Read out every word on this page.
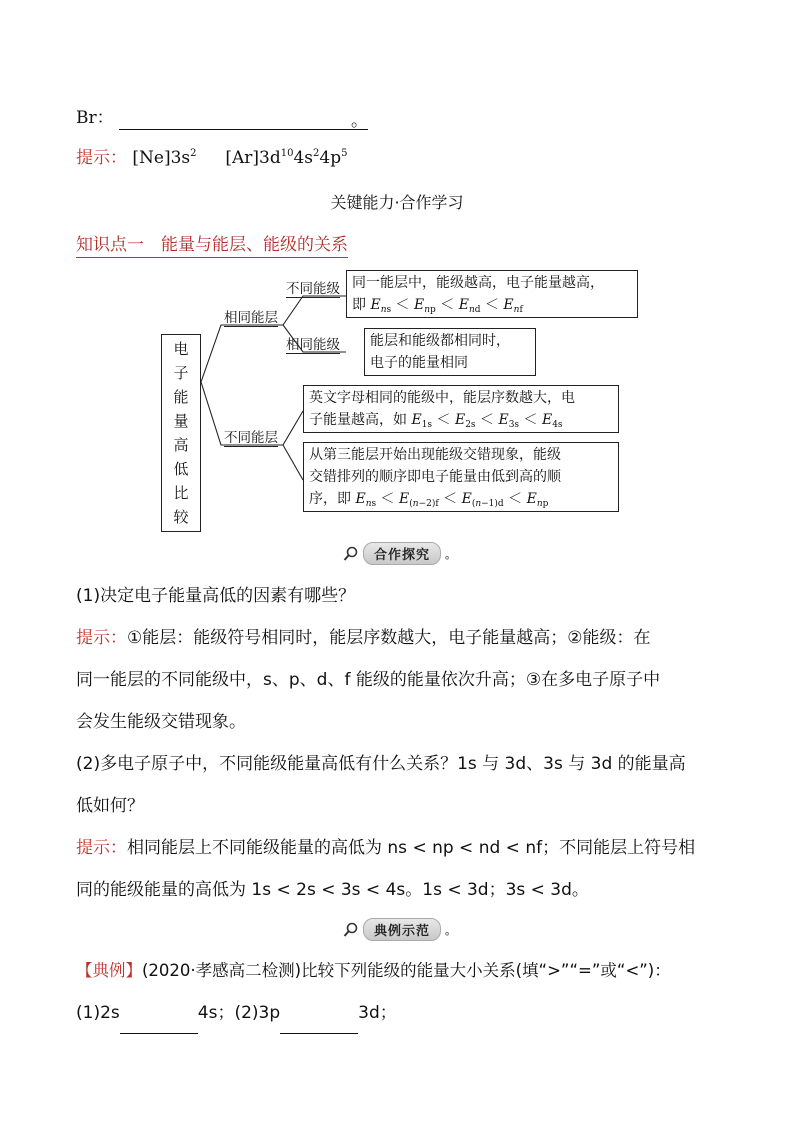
Br：	。
提示： $[Ne]3s^2$ $[Ar]3d^{10}4s^24p^5$
关键能力·合作学习
知识点一　能量与能层、能级的关系
电子
能量
高低
比较
相同能层
不同能层
不同能级
相同能级
同一能层中，能级越高，电子能量越高，
即 $E_{ns} < E_{np} < E_{nd} < E_{nf}$
能层和能级都相同时，
电子的能量相同
英文字母相同的能级中，能层序数越大，电
子能量越高，如 $E_{1s} < E_{2s} < E_{3s} < E_{4s}$
从第三能层开始出现能级交错现象，能级
交错排列的顺序即电子能量由低到高的顺
序，即 $E_{ns} < E_{(n-2)f} < E_{(n-1)d} < E_{np}$
合作探究	。
(1)决定电子能量高低的因素有哪些？
提示：①能层：能级符号相同时，能层序数越大，电子能量越高；②能级：在
同一能层的不同能级中，s、p、d、f 能级的能量依次升高；③在多电子原子中
会发生能级交错现象。
(2)多电子原子中，不同能级能量高低有什么关系？1s 与 3d、3s 与 3d 的能量高
低如何？
提示：相同能层上不同能级能量的高低为 ns < np < nd < nf；不同能层上符号相
同的能级能量的高低为 1s < 2s < 3s < 4s。1s < 3d；3s < 3d。
典例示范	。
【典例】(2020·孝感高二检测)比较下列能级的能量大小关系(填“>”“=”或“<”)：
(1)2s	4s；(2)3p	3d；
